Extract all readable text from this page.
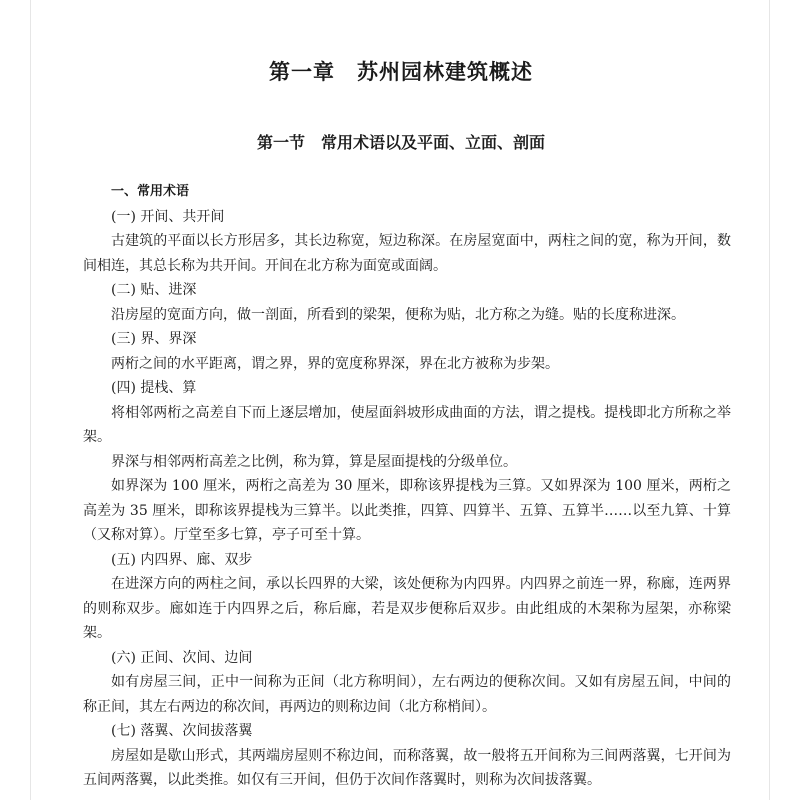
第一章　苏州园林建筑概述
第一节　常用术语以及平面、立面、剖面

一、常用术语

(一) 开间、共开间

古建筑的平面以长方形居多，其长边称宽，短边称深。在房屋宽面中，两柱之间的宽，称为开间，数间相连，其总长称为共开间。开间在北方称为面宽或面阔。

(二) 贴、进深

沿房屋的宽面方向，做一剖面，所看到的梁架，便称为贴，北方称之为缝。贴的长度称进深。

(三) 界、界深

两桁之间的水平距离，谓之界，界的宽度称界深，界在北方被称为步架。

(四) 提栈、算

将相邻两桁之高差自下而上逐层增加，使屋面斜坡形成曲面的方法，谓之提栈。提栈即北方所称之举架。

界深与相邻两桁高差之比例，称为算，算是屋面提栈的分级单位。

如界深为 100 厘米，两桁之高差为 30 厘米，即称该界提栈为三算。又如界深为 100 厘米，两桁之高差为 35 厘米，即称该界提栈为三算半。以此类推，四算、四算半、五算、五算半……以至九算、十算（又称对算）。厅堂至多七算，亭子可至十算。

(五) 内四界、廊、双步

在进深方向的两柱之间，承以长四界的大梁，该处便称为内四界。内四界之前连一界，称廊，连两界的则称双步。廊如连于内四界之后，称后廊，若是双步便称后双步。由此组成的木架称为屋架，亦称梁架。

(六) 正间、次间、边间

如有房屋三间，正中一间称为正间（北方称明间），左右两边的便称次间。又如有房屋五间，中间的称正间，其左右两边的称次间，再两边的则称边间（北方称梢间）。

(七) 落翼、次间拔落翼

房屋如是歇山形式，其两端房屋则不称边间，而称落翼，故一般将五开间称为三间两落翼，七开间为五间两落翼，以此类推。如仅有三开间，但仍于次间作落翼时，则称为次间拔落翼。
